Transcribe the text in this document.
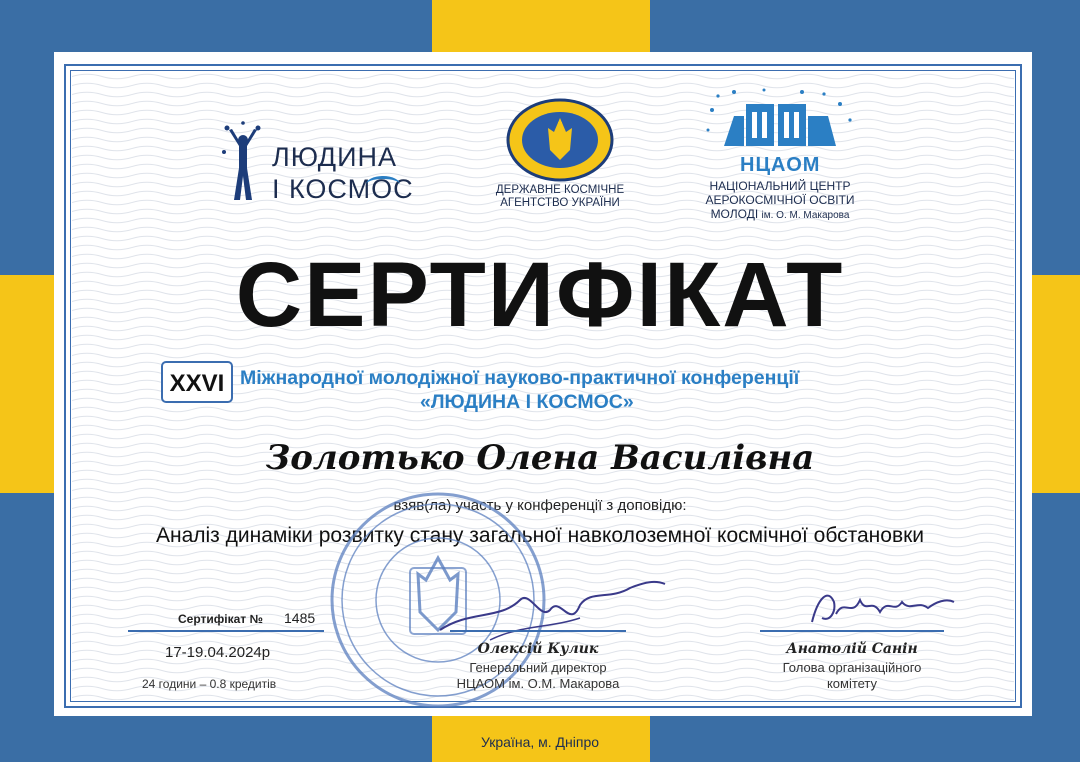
ЛЮДИНА
І КОСМОС	ДЕРЖАВНЕ КОСМІЧНЕ
АГЕНТСТВО УКРАЇНИ
НЦАОМ
НАЦІОНАЛЬНИЙ ЦЕНТР
АЕРОКОСМІЧНОЇ ОСВІТИ
МОЛОДІ ім. О. М. Макарова
СЕРТИФІКАТ
XXVI Міжнародної молодіжної науково-практичної конференції
«ЛЮДИНА І КОСМОС»
Золотько Олена Василівна
взяв(ла) участь у конференції з доповідю:
Аналіз динаміки розвитку стану загальної навколоземної космічної обстановки
Сертифікат № 1485
17-19.04.2024р
24 години – 0.8 кредитів
Олексій Кулик
Генеральний директор
НЦАОМ ім. О.М. Макарова
Анатолій Санін
Голова організаційного
комітету
Україна, м. Дніпро
